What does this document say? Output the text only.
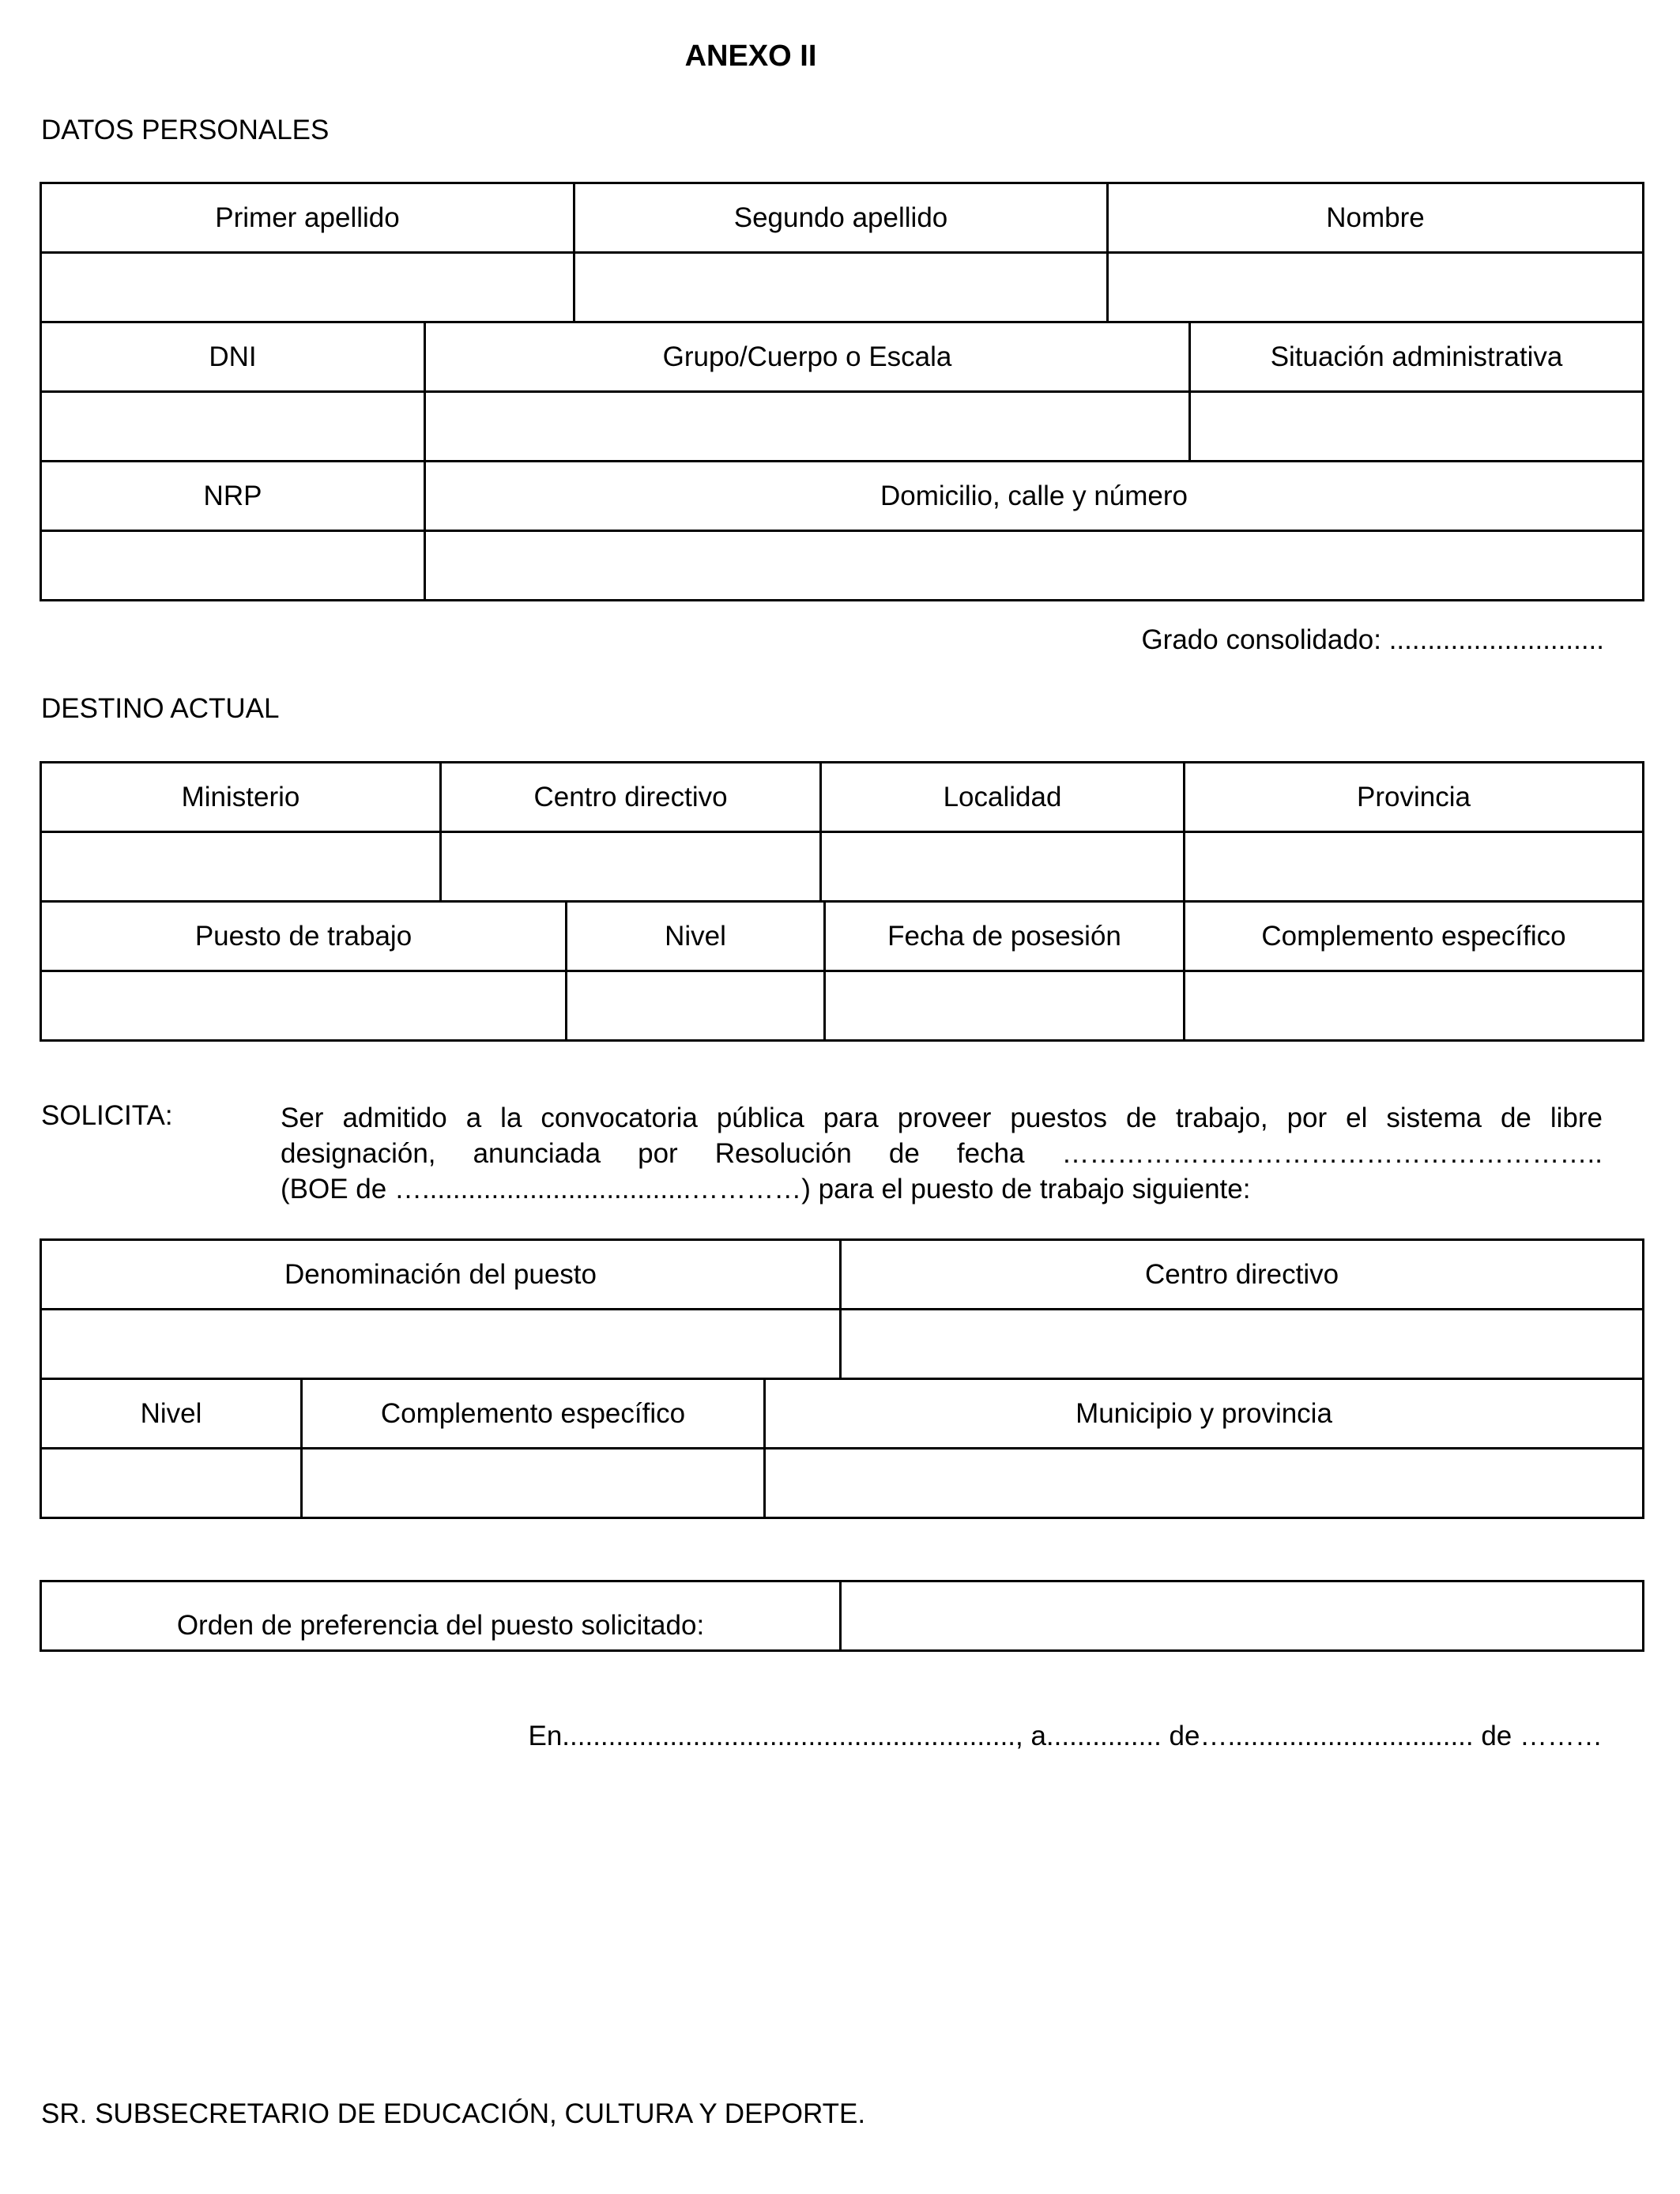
ANEXO II
DATOS PERSONALES
Primer apellido		Segundo apellido	Nombre	

DNI	Grupo/Cuerpo o Escala			Situación administrativa

NRP	Domicilio, calle y número			

Grado consolidado: ............................
DESTINO ACTUAL
Ministerio	Centro directivo		Localidad		Provincia

Puesto de trabajo		Nivel		Fecha de posesión	Complemento específico

SOLICITA:	Ser admitido a la convocatoria pública para proveer puestos de trabajo, por el sistema de libre
designación, anunciada por Resolución de fecha …………………………………………………..
(BOE de …...................................…………) para el puesto de trabajo siguiente:
Denominación del puesto			Centro directivo

Nivel	Complemento específico	Municipio y provincia	

Orden de preferencia del puesto solicitado:	
En..........................................................., a............... de…................................ de ………
SR. SUBSECRETARIO DE EDUCACIÓN, CULTURA Y DEPORTE.
